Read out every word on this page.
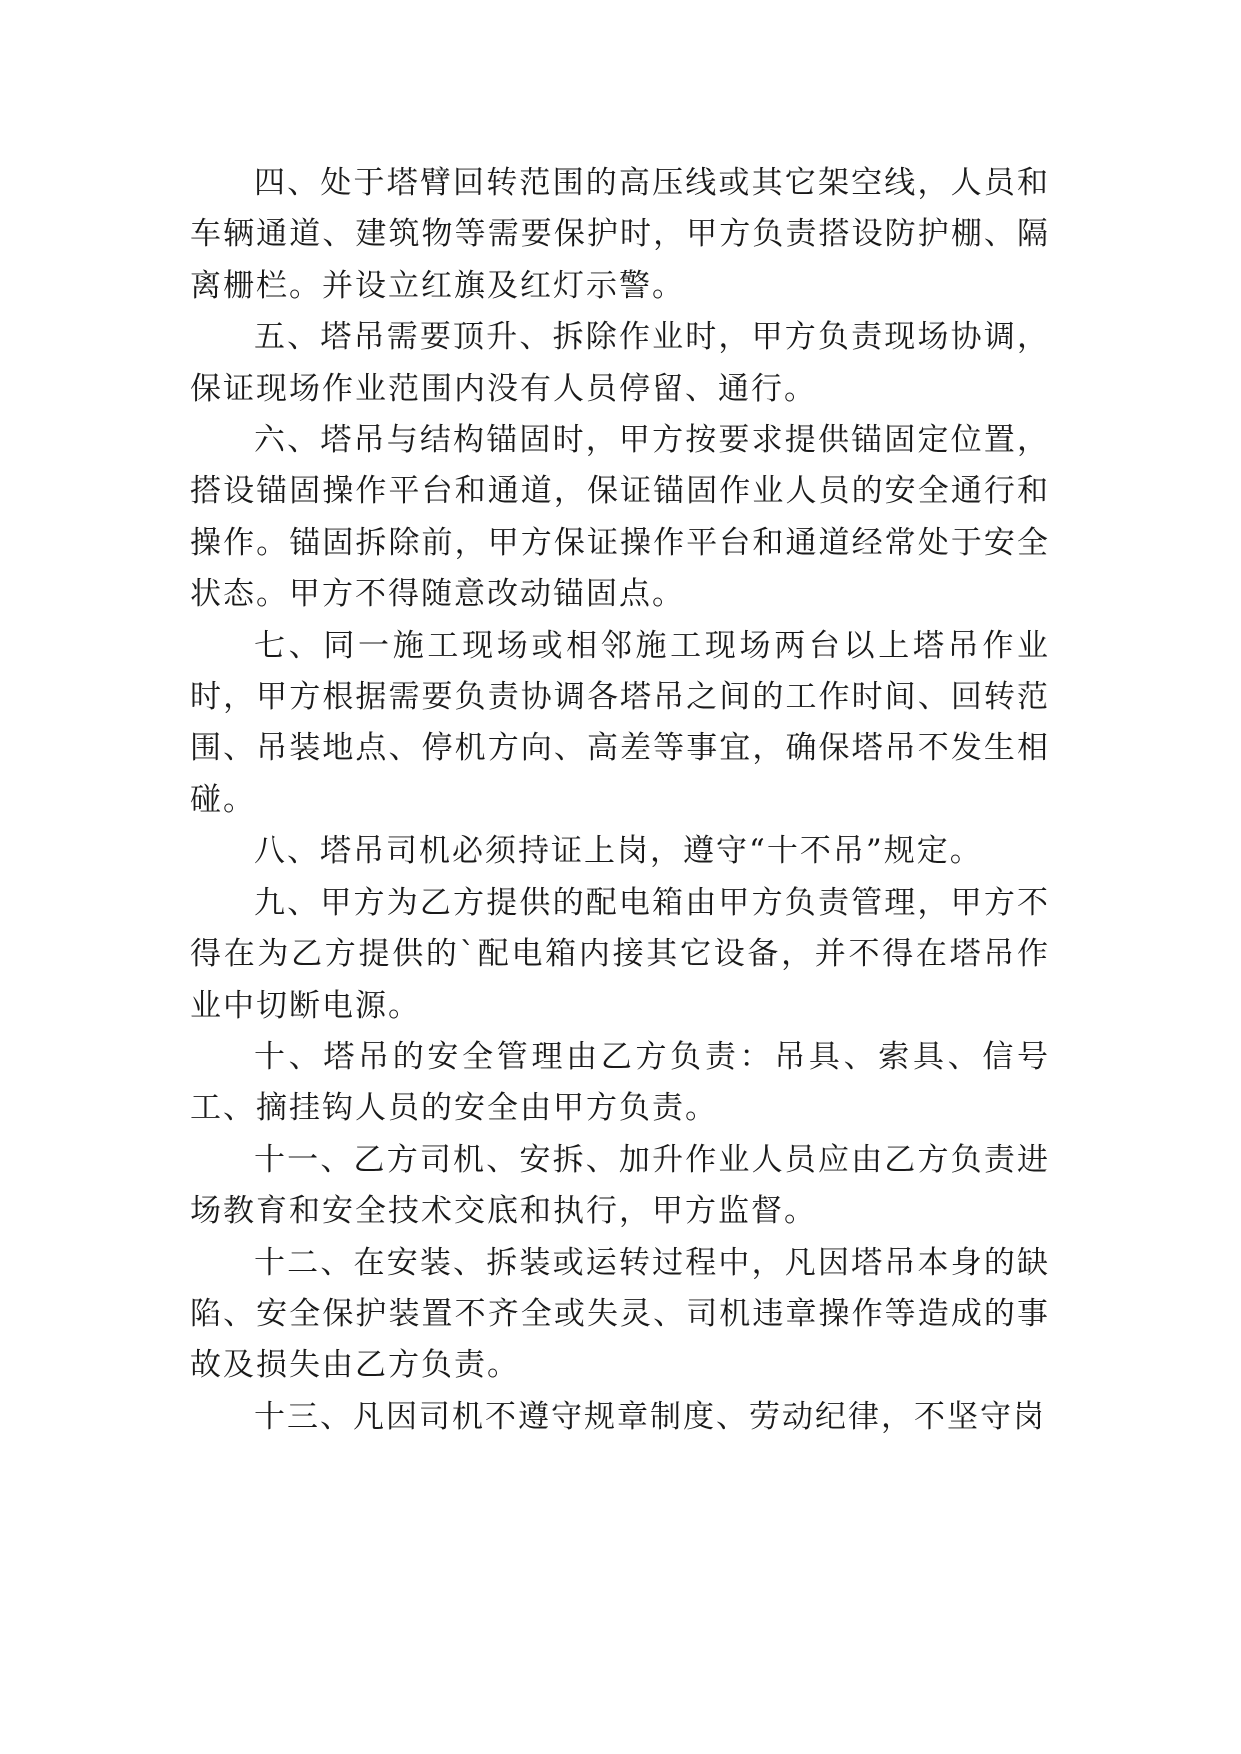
四、处于塔臂回转范围的高压线或其它架空线，人员和车辆通道、建筑物等需要保护时，甲方负责搭设防护棚、隔离栅栏。并设立红旗及红灯示警。

五、塔吊需要顶升、拆除作业时，甲方负责现场协调，保证现场作业范围内没有人员停留、通行。

六、塔吊与结构锚固时，甲方按要求提供锚固定位置，搭设锚固操作平台和通道，保证锚固作业人员的安全通行和操作。锚固拆除前，甲方保证操作平台和通道经常处于安全状态。甲方不得随意改动锚固点。

七、同一施工现场或相邻施工现场两台以上塔吊作业时，甲方根据需要负责协调各塔吊之间的工作时间、回转范围、吊装地点、停机方向、高差等事宜，确保塔吊不发生相碰。

八、塔吊司机必须持证上岗，遵守“十不吊”规定。

九、甲方为乙方提供的配电箱由甲方负责管理，甲方不得在为乙方提供的`配电箱内接其它设备，并不得在塔吊作业中切断电源。

十、塔吊的安全管理由乙方负责：吊具、索具、信号工、摘挂钩人员的安全由甲方负责。

十一、乙方司机、安拆、加升作业人员应由乙方负责进场教育和安全技术交底和执行，甲方监督。

十二、在安装、拆装或运转过程中，凡因塔吊本身的缺陷、安全保护装置不齐全或失灵、司机违章操作等造成的事故及损失由乙方负责。

十三、凡因司机不遵守规章制度、劳动纪律，不坚守岗
